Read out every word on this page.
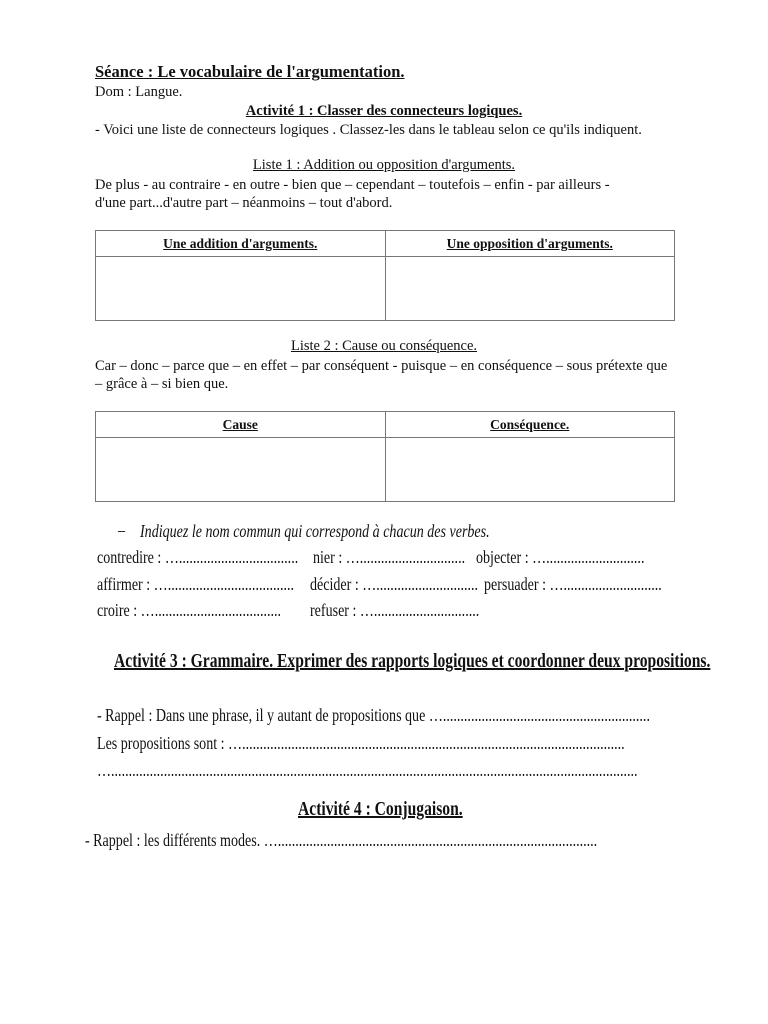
Séance : Le vocabulaire de l'argumentation.
Dom : Langue.
Activité 1 : Classer des connecteurs logiques.
- Voici une liste de connecteurs logiques . Classez-les dans le tableau selon ce qu'ils indiquent.
Liste 1 : Addition ou opposition d'arguments.
De plus - au contraire - en outre - bien que – cependant – toutefois – enfin - par ailleurs -
d'une part...d'autre part – néanmoins – tout d'abord.
Une addition d'arguments.	Une opposition d'arguments.

Liste 2 : Cause ou conséquence.
Car – donc – parce que – en effet – par conséquent - puisque – en conséquence – sous prétexte que
– grâce à – si bien que.
Cause	Conséquence.

– Indiquez le nom commun qui correspond à chacun des verbes.
contredire : ….................................. nier : ….............................. objecter : …............................
affirmer : ….................................... décider : …............................. persuader : …............................
croire : ….................................... refuser : …..............................
Activité 3 : Grammaire. Exprimer des rapports logiques et coordonner deux propositions.
- Rappel : Dans une phrase, il y autant de propositions que …...........................................................
Les propositions sont : ….............................................................................................................
…......................................................................................................................................................
Activité 4 : Conjugaison.
- Rappel : les différents modes. …...........................................................................................
